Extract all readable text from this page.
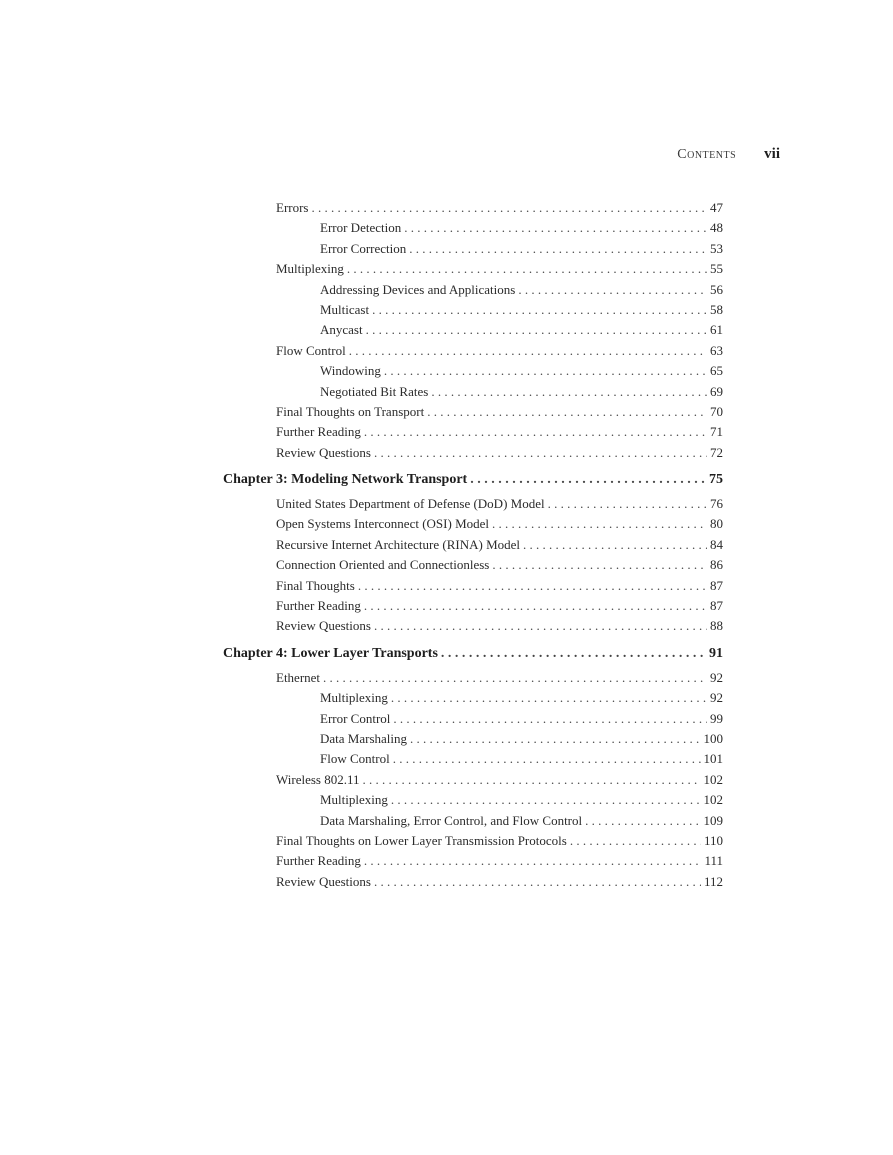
Contents vii
Errors . . .	47
Error Detection . . .	48
Error Correction . . .	53
Multiplexing . . .	55
Addressing Devices and Applications . . .	56
Multicast . . .	58
Anycast . . .	61
Flow Control . . .	63
Windowing . . .	65
Negotiated Bit Rates . . .	69
Final Thoughts on Transport . . .	70
Further Reading . . .	71
Review Questions . . .	72
Chapter 3: Modeling Network Transport . . .	75
United States Department of Defense (DoD) Model . . .	76
Open Systems Interconnect (OSI) Model . . .	80
Recursive Internet Architecture (RINA) Model . . .	84
Connection Oriented and Connectionless . . .	86
Final Thoughts . . .	87
Further Reading . . .	87
Review Questions . . .	88
Chapter 4: Lower Layer Transports . . .	91
Ethernet . . .	92
Multiplexing . . .	92
Error Control . . .	99
Data Marshaling . . .	100
Flow Control . . .	101
Wireless 802.11 . . .	102
Multiplexing . . .	102
Data Marshaling, Error Control, and Flow Control . . .	109
Final Thoughts on Lower Layer Transmission Protocols . . .	110
Further Reading . . .	111
Review Questions . . .	112
